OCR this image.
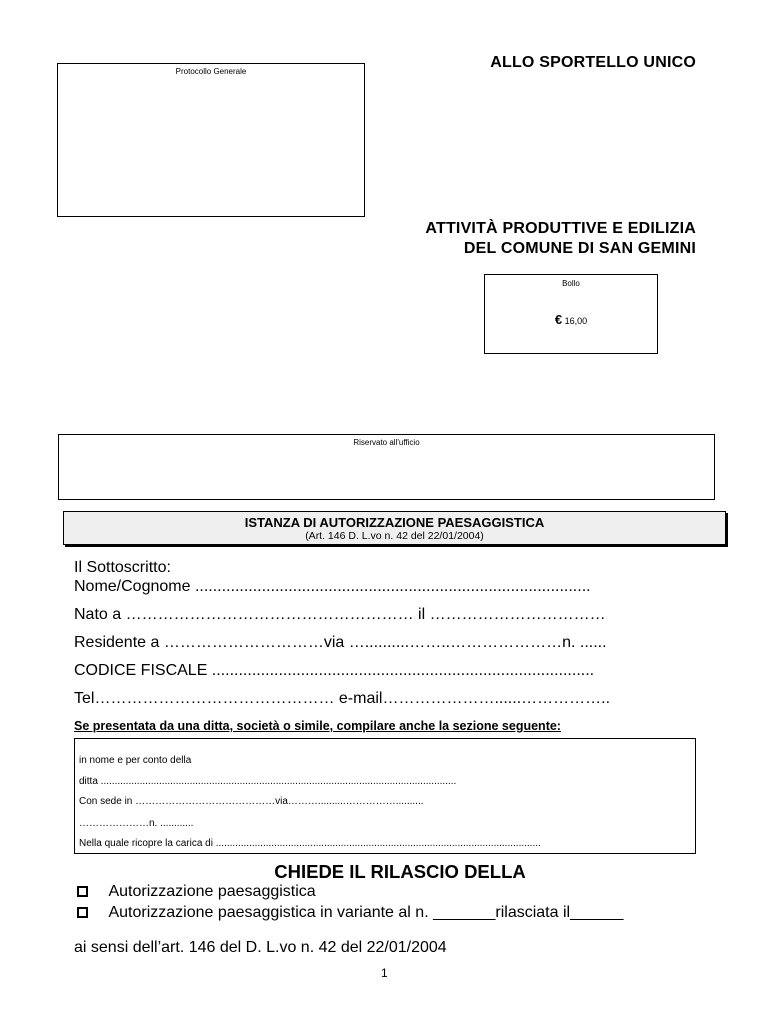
Protocollo Generale
ALLO SPORTELLO UNICO
ATTIVITÀ PRODUTTIVE E EDILIZIA
DEL COMUNE DI SAN GEMINI
Bollo
€ 16,00
Riservato all'ufficio
ISTANZA DI AUTORIZZAZIONE PAESAGGISTICA
(Art. 146 D. L.vo n. 42 del 22/01/2004)
Il Sottoscritto:
Nome/Cognome .........................................................................................
Nato a ……………………………………………… il ……………………………
Residente a …………………………via …..........……..…………………n. ......
CODICE FISCALE ......................................................................................
Tel……………………………………… e-mail…………………......……………..
Se presentata da una ditta, società o simile, compilare anche la sezione seguente:
in nome e per conto della
ditta ................................................................................................................................
Con sede in ……………………………………via………..........……………..........
…………………n. ............
Nella quale ricopre la carica di .....................................................................................................................
CHIEDE IL RILASCIO DELLA
Autorizzazione paesaggistica
Autorizzazione paesaggistica in variante al n. _______rilasciata il______
ai sensi dell’art. 146 del D. L.vo n. 42 del 22/01/2004
1
